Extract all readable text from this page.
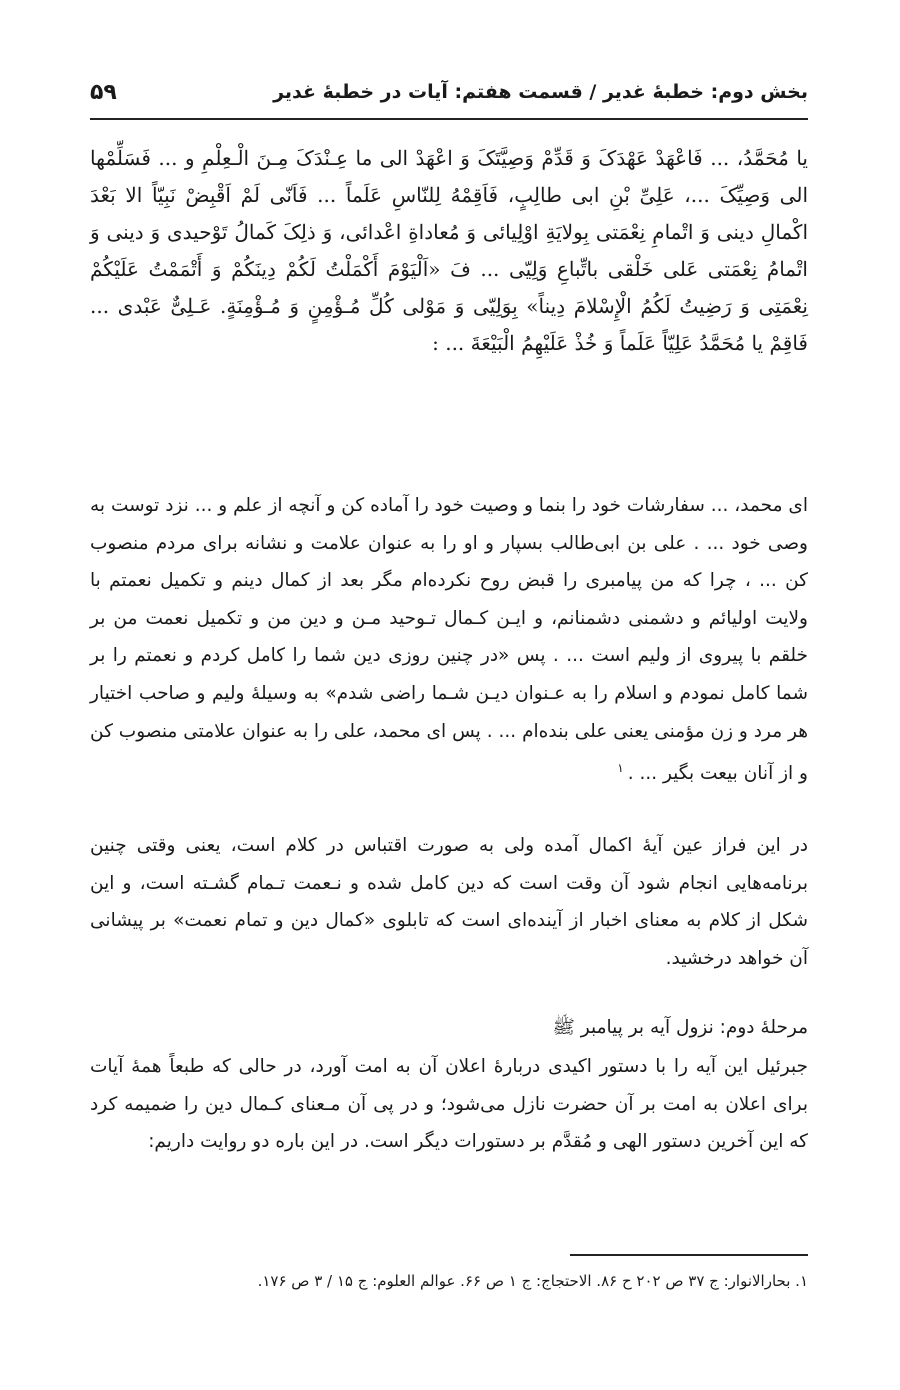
بخش دوم: خطبهٔ غدیر / قسمت هفتم: آیات در خطبهٔ غدیر
۵۹

یا مُحَمَّدُ، ... فَاعْهَدْ عَهْدَکَ وَ قَدِّمْ وَصِیَّتَکَ وَ اعْهَدْ الی ما عِـنْدَکَ مِـنَ الْـعِلْمِ و ... فَسَلِّمْها الی وَصِیِّکَ ...، عَلِیِّ بْنِ ابی طالِبٍ، فَاَقِمْهُ لِلنّاسِ عَلَماً ... فَاَنّی لَمْ اَقْبِضْ نَبِیّاً الا بَعْدَ اکْمالِ دینی وَ اتْمامِ نِعْمَتی بِولایَةِ اوْلِیائی وَ مُعاداةِ اعْدائی، وَ ذلِکَ کَمالُ تَوْحیدی وَ دینی وَ اتْمامُ نِعْمَتی عَلی خَلْقی باتِّباعِ وَلِیّی ... فَ «اَلْیَوْمَ أَکْمَلْتُ لَکُمْ دِینَکُمْ وَ أَتْمَمْتُ عَلَیْکُمْ نِعْمَتِی وَ رَضِیتُ لَکُمُ الْإِسْلامَ دِیناً» بِوَلِیّی وَ مَوْلی کُلِّ مُـؤْمِنٍ وَ مُـؤْمِنَةٍ. عَـلِیٌّ عَبْدی ... فَاقِمْ یا مُحَمَّدُ عَلِیّاً عَلَماً وَ خُذْ عَلَیْهِمُ الْبَیْعَةَ ... :

ای محمد، ... سفارشات خود را بنما و وصیت خود را آماده کن و آنچه از علم و ... نزد توست به وصی خود ... . علی بن ابی‌طالب بسپار و او را به عنوان علامت و نشانه برای مردم منصوب کن ... ، چرا که من پیامبری را قبض روح نکرده‌ام مگر بعد از کمال دینم و تکمیل نعمتم با ولایت اولیائم و دشمنی دشمنانم، و ایـن کـمال تـوحید مـن و دین من و تکمیل نعمت من بر خلقم با پیروی از ولیم است ... . پس «در چنین روزی دین شما را کامل کردم و نعمتم را بر شما کامل نمودم و اسلام را به عـنوان دیـن شـما راضی شدم» به وسیلهٔ ولیم و صاحب اختیار هر مرد و زن مؤمنی یعنی علی بنده‌ام ... . پس ای محمد، علی را به عنوان علامتی منصوب کن و از آنان بیعت بگیر ... .$^۱$

در این فراز عین آیهٔ اکمال آمده ولی به صورت اقتباس در کلام است، یعنی وقتی چنین برنامه‌هایی انجام شود آن وقت است که دین کامل شده و نـعمت تـمام گشـته است، و این شکل از کلام به معنای اخبار از آینده‌ای است که تابلوی «کمال دین و تمام نعمت» بر پیشانی آن خواهد درخشید.

مرحلهٔ دوم: نزول آیه بر پیامبر ﷺ

جبرئیل این آیه را با دستور اکیدی دربارهٔ اعلان آن به امت آورد، در حالی که طبعاً همهٔ آیات برای اعلان به امت بر آن حضرت نازل می‌شود؛ و در پی آن مـعنای کـمال دین را ضمیمه کرد که این آخرین دستور الهی و مُقدَّم بر دستورات دیگر است. در این باره دو روایت داریم:

۱. بحارالانوار: ج ۳۷ ص ۲۰۲ ح ۸۶. الاحتجاج: ج ۱ ص ۶۶. عوالم العلوم: ج ۱۵ / ۳ ص ۱۷۶.
